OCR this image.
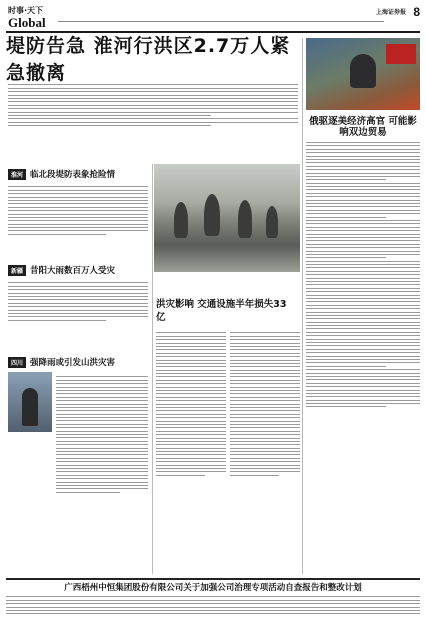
时事·天下
Global
上海证券报 8
堤防告急 淮河行洪区2.7万人紧急撤离
俄驱逐美经济高官 可能影响双边贸易
淮河 临北段堤防表象抢险情
新疆 昔阳大雨数百万人受灾
四川 强降雨或引发山洪灾害
洪灾影响 交通设施半年损失33亿
广西梧州中恒集团股份有限公司关于加强公司治理专项活动自查报告和整改计划
